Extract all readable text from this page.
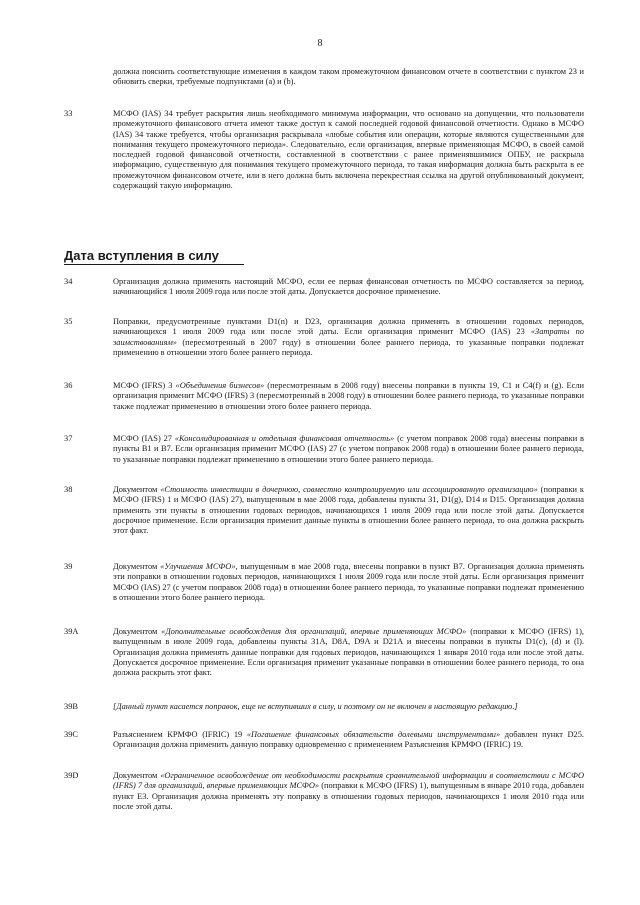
8
должна пояснить соответствующие изменения в каждом таком промежуточном финансовом отчете в соответствии с пунктом 23 и обновить сверки, требуемые подпунктами (а) и (b).
33	МСФО (IAS) 34 требует раскрытия лишь необходимого минимума информации, что основано на допущении, что пользователи промежуточного финансового отчета имеют также доступ к самой последней годовой финансовой отчетности. Однако в МСФО (IAS) 34 также требуется, чтобы организация раскрывала «любые события или операции, которые являются существенными для понимания текущего промежуточного периода». Следовательно, если организация, впервые применяющая МСФО, в своей самой последней годовой финансовой отчетности, составленной в соответствии с ранее применявшимися ОПБУ, не раскрыла информацию, существенную для понимания текущего промежуточного периода, то такая информация должна быть раскрыта в ее промежуточном финансовом отчете, или в него должна быть включена перекрестная ссылка на другой опубликованный документ, содержащий такую информацию.
Дата вступления в силу
34	Организация должна применять настоящий МСФО, если ее первая финансовая отчетность по МСФО составляется за период, начинающийся 1 июля 2009 года или после этой даты. Допускается досрочное применение.
35	Поправки, предусмотренные пунктами D1(n) и D23, организация должна применять в отношении годовых периодов, начинающихся 1 июля 2009 года или после этой даты. Если организация применит МСФО (IAS) 23 «Затраты по заимствованиям» (пересмотренный в 2007 году) в отношении более раннего периода, то указанные поправки подлежат применению в отношении этого более раннего периода.
36	МСФО (IFRS) 3 «Объединения бизнесов» (пересмотренным в 2008 году) внесены поправки в пункты 19, C1 и C4(f) и (g). Если организация применит МСФО (IFRS) 3 (пересмотренный в 2008 году) в отношении более раннего периода, то указанные поправки также подлежат применению в отношении этого более раннего периода.
37	МСФО (IAS) 27 «Консолидированная и отдельная финансовая отчетность» (с учетом поправок 2008 года) внесены поправки в пункты B1 и B7. Если организация применит МСФО (IAS) 27 (с учетом поправок 2008 года) в отношении более раннего периода, то указанные поправки подлежат применению в отношении этого более раннего периода.
38	Документом «Стоимость инвестиции в дочернюю, совместно контролируемую или ассоциированную организацию» (поправки к МСФО (IFRS) 1 и МСФО (IAS) 27), выпущенным в мае 2008 года, добавлены пункты 31, D1(g), D14 и D15. Организация должна применять эти пункты в отношении годовых периодов, начинающихся 1 июля 2009 года или после этой даты. Допускается досрочное применение. Если организация применит данные пункты в отношении более раннего периода, то она должна раскрыть этот факт.
39	Документом «Улучшения МСФО», выпущенным в мае 2008 года, внесены поправки в пункт B7. Организация должна применять эти поправки в отношении годовых периодов, начинающихся 1 июля 2009 года или после этой даты. Если организация применит МСФО (IAS) 27 (с учетом поправок 2008 года) в отношении более раннего периода, то указанные поправки подлежат применению в отношении этого более раннего периода.
39A	Документом «Дополнительные освобождения для организаций, впервые применяющих МСФО» (поправки к МСФО (IFRS) 1), выпущенным в июле 2009 года, добавлены пункты 31A, D8A, D9A и D21A и внесены поправки в пункты D1(c), (d) и (l). Организация должна применять данные поправки для годовых периодов, начинающихся 1 января 2010 года или после этой даты. Допускается досрочное применение. Если организация применит указанные поправки в отношении более раннего периода, то она должна раскрыть этот факт.
39B	[Данный пункт касается поправок, еще не вступивших в силу, и поэтому он не включен в настоящую редакцию.]
39C	Разъяснением КРМФО (IFRIC) 19 «Погашение финансовых обязательств долевыми инструментами» добавлен пункт D25. Организация должна применить данную поправку одновременно с применением Разъяснения КРМФО (IFRIC) 19.
39D	Документом «Ограниченное освобождение от необходимости раскрытия сравнительной информации в соответствии с МСФО (IFRS) 7 для организаций, впервые применяющих МСФО» (поправки к МСФО (IFRS) 1), выпущенным в январе 2010 года, добавлен пункт E3. Организация должна применять эту поправку в отношении годовых периодов, начинающихся 1 июля 2010 года или после этой даты.
